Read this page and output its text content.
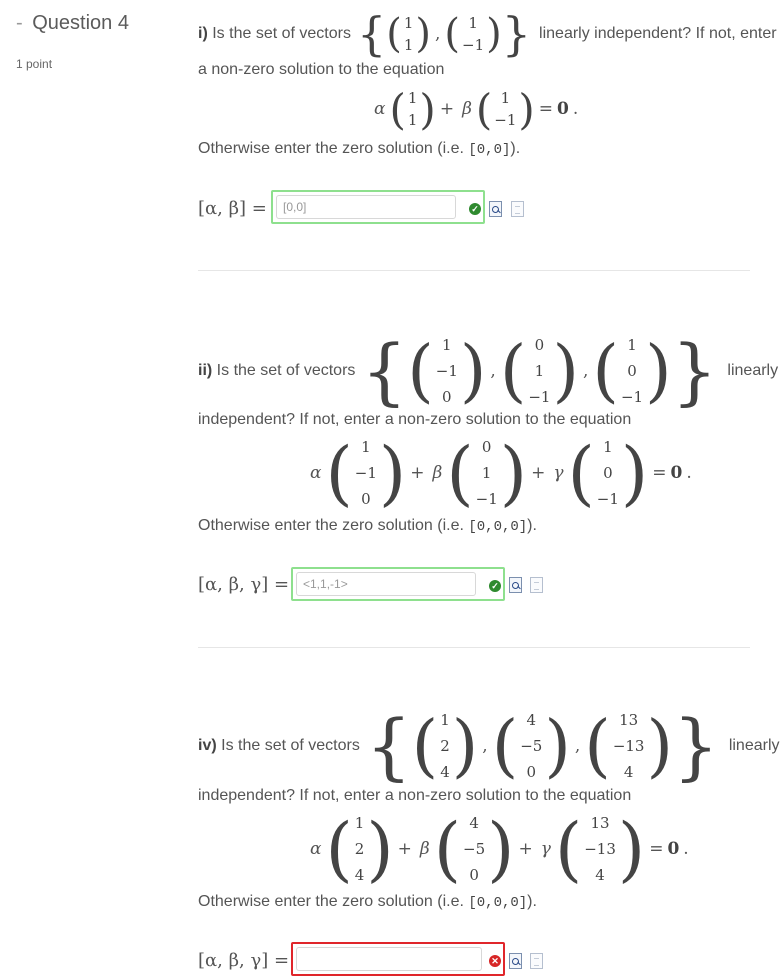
- Question 4
1 point
i)
Is the set of vectors { ( 1
1 ) , ( 1
−1 ) } linearly independent? If not, enter
a non-zero solution to the equation
α ( 1
1 ) + β ( 1
−1 ) = 0 .
Otherwise enter the zero solution (i.e. [0,0]).
[α, β] =
[0,0]	✓
ii)
Is the set of vectors { ( 1
−1
0 ) , ( 0
1
−1 ) , ( 1
0
−1 ) } linearly
independent? If not, enter a non-zero solution to the equation
α ( 1
−1
0 ) + β ( 0
1
−1 ) + γ ( 1
0
−1 ) = 0 .
Otherwise enter the zero solution (i.e. [0,0,0]).
[α, β, γ] =
<1,1,-1>	✓
iv)
Is the set of vectors { ( 1
2
4 ) , ( 4
−5
0 ) , ( 13
−13
4 ) } linearly
independent? If not, enter a non-zero solution to the equation
α ( 1
2
4 ) + β ( 4
−5
0 ) + γ ( 13
−13
4 ) = 0 .
Otherwise enter the zero solution (i.e. [0,0,0]).
[α, β, γ] =	✕
